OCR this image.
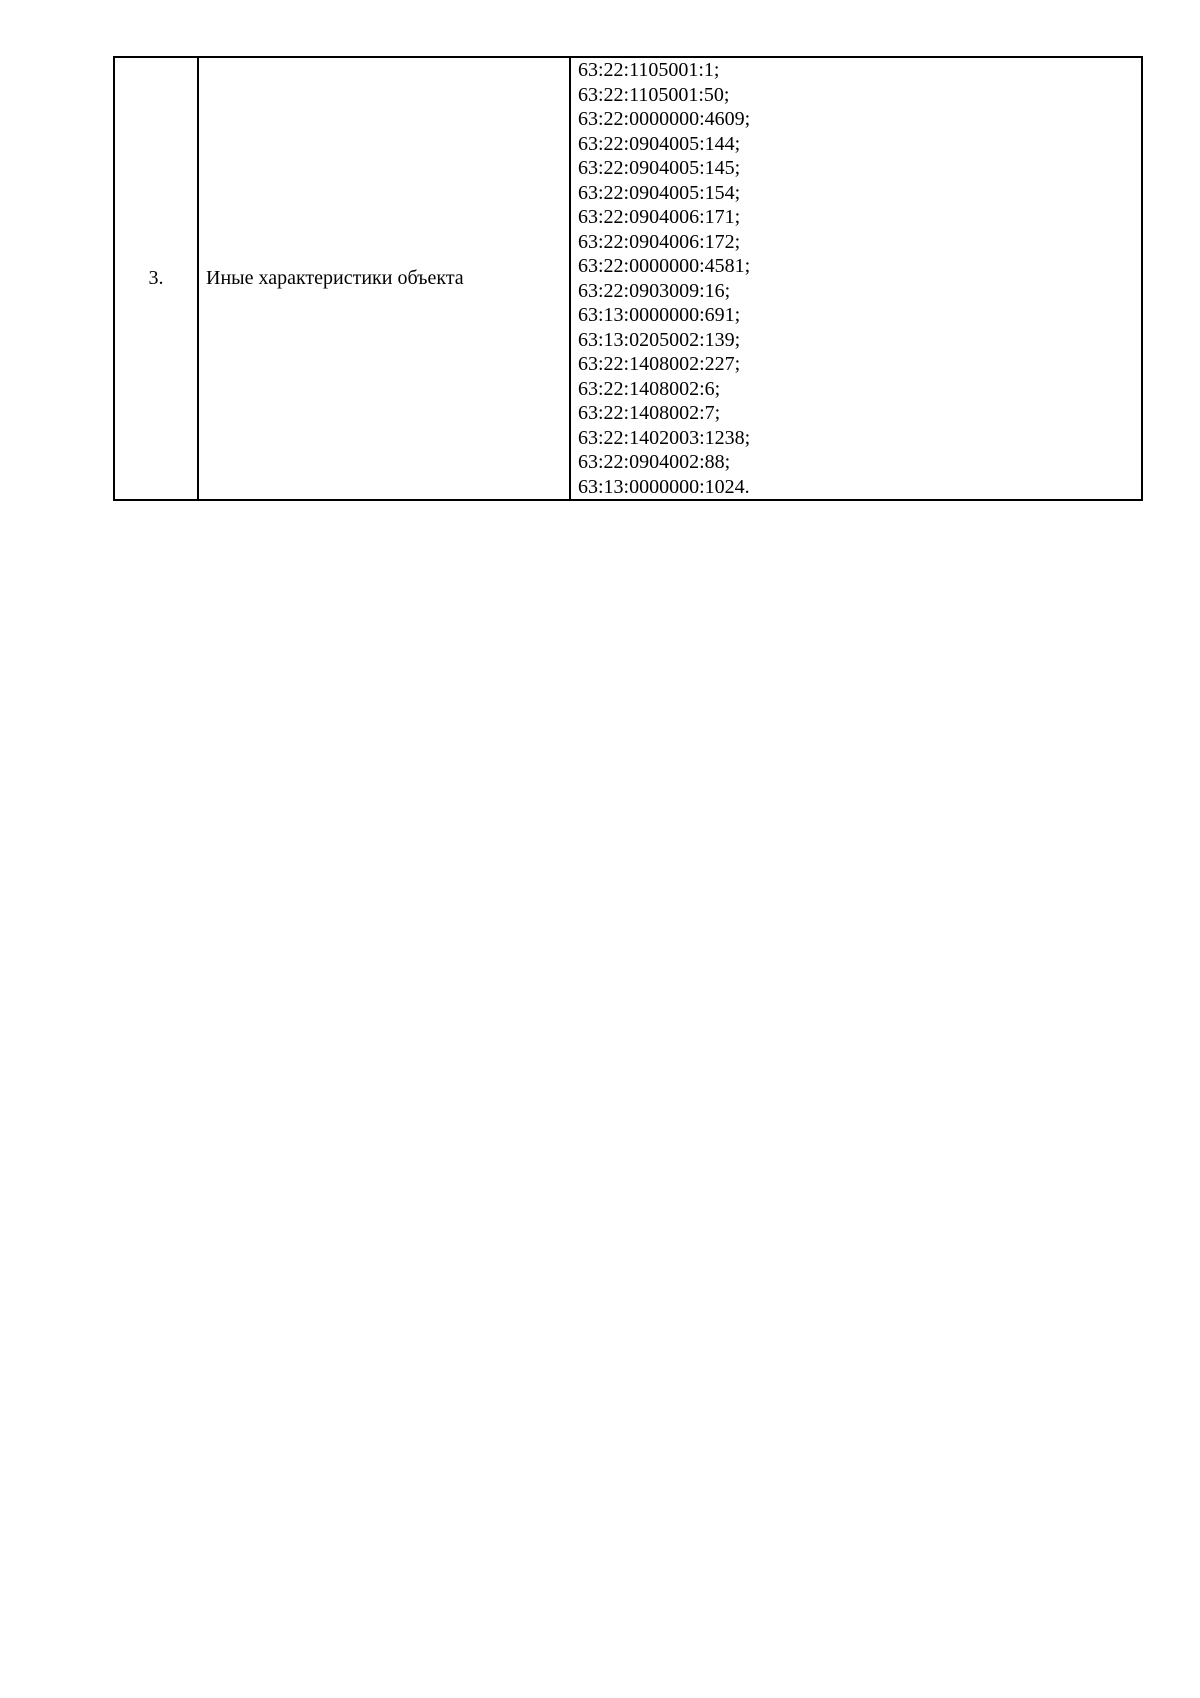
3.	Иные характеристики объекта	
63:22:1105001:1;
63:22:1105001:50;
63:22:0000000:4609;
63:22:0904005:144;
63:22:0904005:145;
63:22:0904005:154;
63:22:0904006:171;
63:22:0904006:172;
63:22:0000000:4581;
63:22:0903009:16;
63:13:0000000:691;
63:13:0205002:139;
63:22:1408002:227;
63:22:1408002:6;
63:22:1408002:7;
63:22:1402003:1238;
63:22:0904002:88;
63:13:0000000:1024.
